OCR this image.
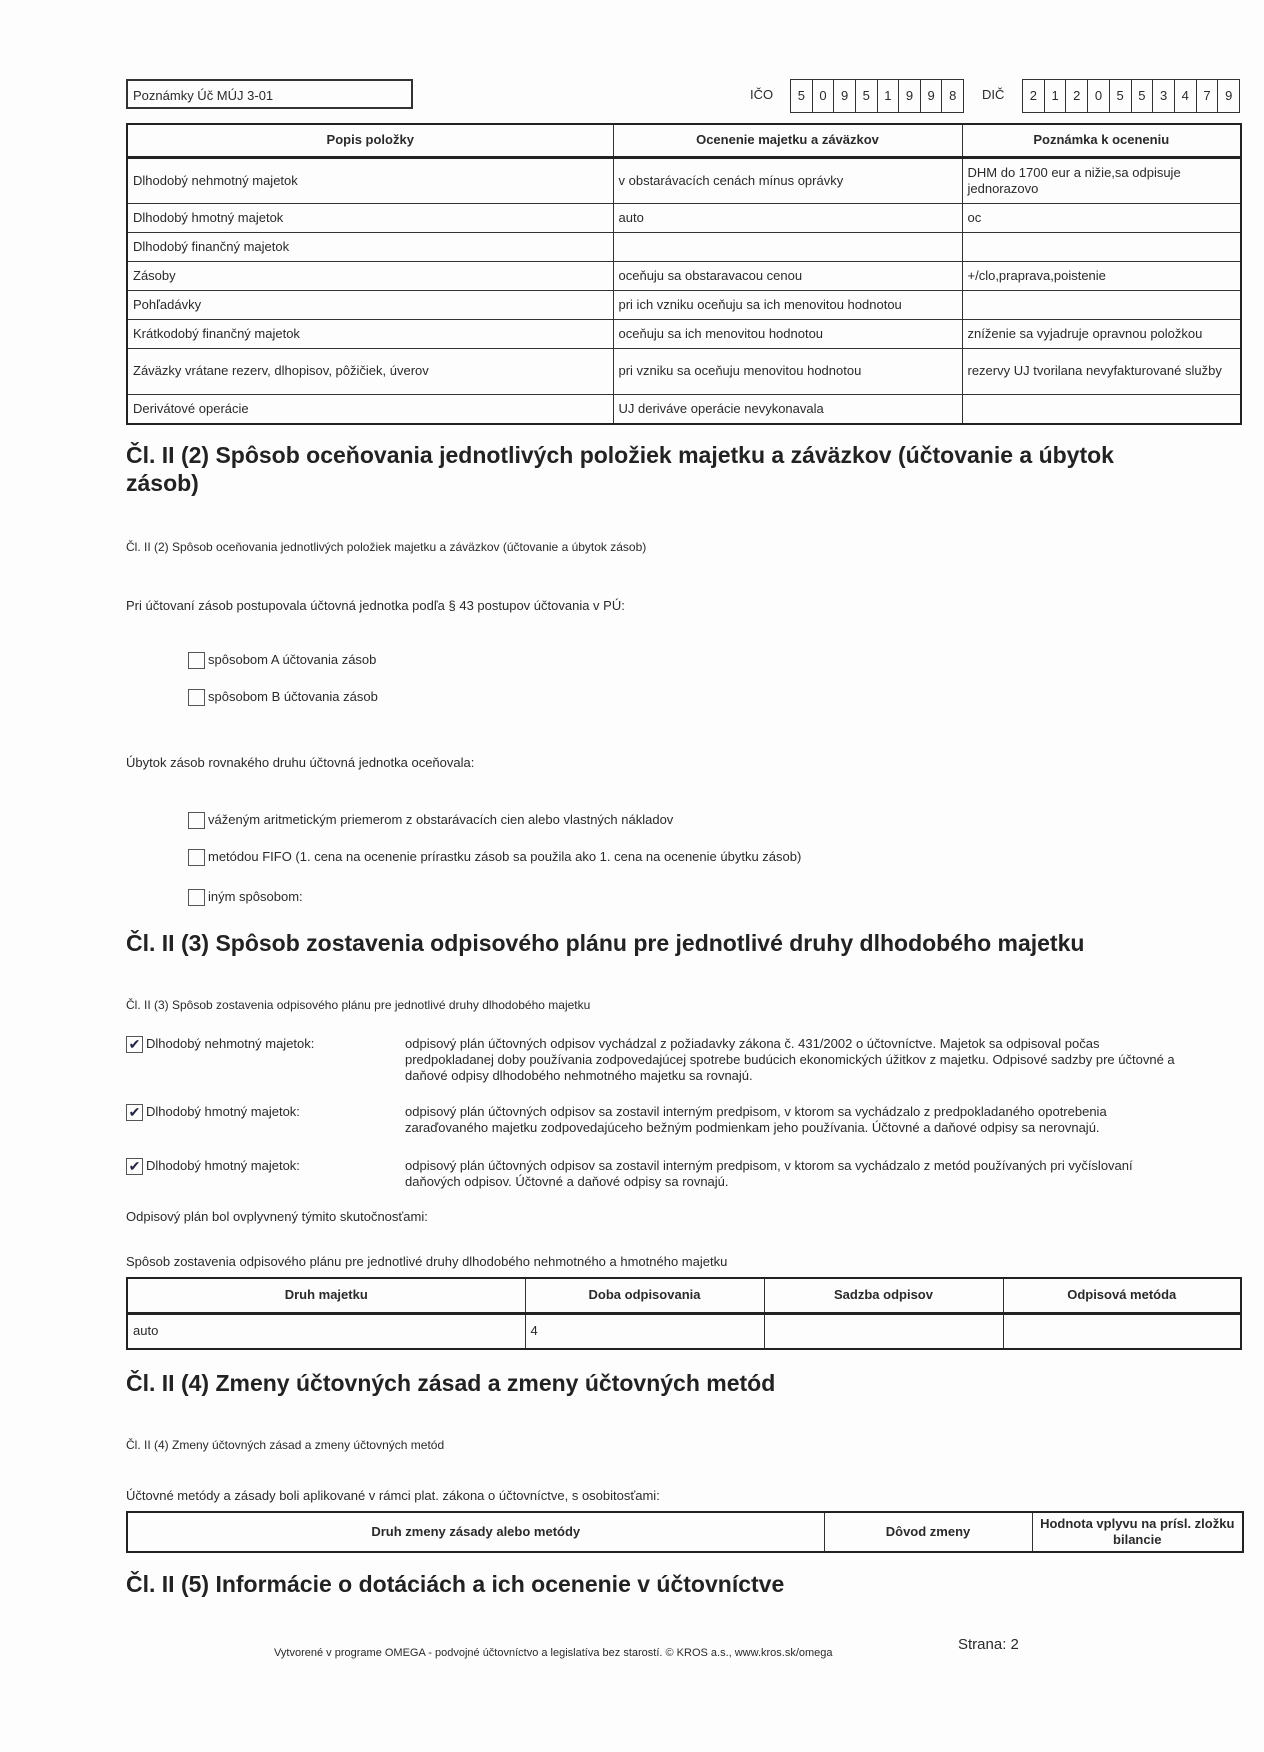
Poznámky Úč MÚJ 3-01	IČO	5	0	9	5	1	9	9	8	DIČ	2	1	2	0	5	5	3	4	7	9
Popis položky	Ocenenie majetku a záväzkov	Poznámka k oceneniu
Dlhodobý nehmotný majetok	v obstarávacích cenách mínus oprávky	DHM do 1700 eur a nižie,sa odpisuje jednorazovo
Dlhodobý hmotný majetok	auto	oc
Dlhodobý finančný majetok		
Zásoby	oceňuju sa obstaravacou cenou	+/clo,praprava,poistenie
Pohľadávky	pri ich vzniku oceňuju sa ich menovitou hodnotou	
Krátkodobý finančný majetok	oceňuju sa ich menovitou hodnotou	zníženie sa vyjadruje opravnou položkou
Záväzky vrátane rezerv, dlhopisov, pôžičiek, úverov	pri vzniku sa oceňuju menovitou hodnotou	rezervy UJ tvorilana nevyfakturované služby
Derivátové operácie	UJ deriváve operácie nevykonavala	
Čl. II (2) Spôsob oceňovania jednotlivých položiek majetku a záväzkov (účtovanie a úbytok zásob)
Čl. II (2) Spôsob oceňovania jednotlivých položiek majetku a záväzkov (účtovanie a úbytok zásob)
Pri účtovaní zásob postupovala účtovná jednotka podľa § 43 postupov účtovania v PÚ:
spôsobom A účtovania zásob
spôsobom B účtovania zásob
Úbytok zásob rovnakého druhu účtovná jednotka oceňovala:
váženým aritmetickým priemerom z obstarávacích cien alebo vlastných nákladov
metódou FIFO (1. cena na ocenenie prírastku zásob sa použila ako 1. cena na ocenenie úbytku zásob)
iným spôsobom:
Čl. II (3) Spôsob zostavenia odpisového plánu pre jednotlivé druhy dlhodobého majetku
Čl. II (3) Spôsob zostavenia odpisového plánu pre jednotlivé druhy dlhodobého majetku
✔ Dlhodobý nehmotný majetok:	odpisový plán účtovných odpisov vychádzal z požiadavky zákona č. 431/2002 o účtovníctve. Majetok sa odpisoval počas predpokladanej doby používania zodpovedajúcej spotrebe budúcich ekonomických úžitkov z majetku. Odpisové sadzby pre účtovné a daňové odpisy dlhodobého nehmotného majetku sa rovnajú.
✔ Dlhodobý hmotný majetok:	odpisový plán účtovných odpisov sa zostavil interným predpisom, v ktorom sa vychádzalo z predpokladaného opotrebenia zaraďovaného majetku zodpovedajúceho bežným podmienkam jeho používania. Účtovné a daňové odpisy sa nerovnajú.
✔ Dlhodobý hmotný majetok:	odpisový plán účtovných odpisov sa zostavil interným predpisom, v ktorom sa vychádzalo z metód používaných pri vyčíslovaní daňových odpisov. Účtovné a daňové odpisy sa rovnajú.
Odpisový plán bol ovplyvnený týmito skutočnosťami:
Spôsob zostavenia odpisového plánu pre jednotlivé druhy dlhodobého nehmotného a hmotného majetku
Druh majetku	Doba odpisovania	Sadzba odpisov	Odpisová metóda
auto	4		
Čl. II (4) Zmeny účtovných zásad a zmeny účtovných metód
Čl. II (4) Zmeny účtovných zásad a zmeny účtovných metód
Účtovné metódy a zásady boli aplikované v rámci plat. zákona o účtovníctve, s osobitosťami:
Druh zmeny zásady alebo metódy	Dôvod zmeny	Hodnota vplyvu na prísl. zložku bilancie
Čl. II (5) Informácie o dotáciách a ich ocenenie v účtovníctve
Vytvorené v programe OMEGA - podvojné účtovníctvo a legislatíva bez starostí. © KROS a.s., www.kros.sk/omega	Strana: 2
